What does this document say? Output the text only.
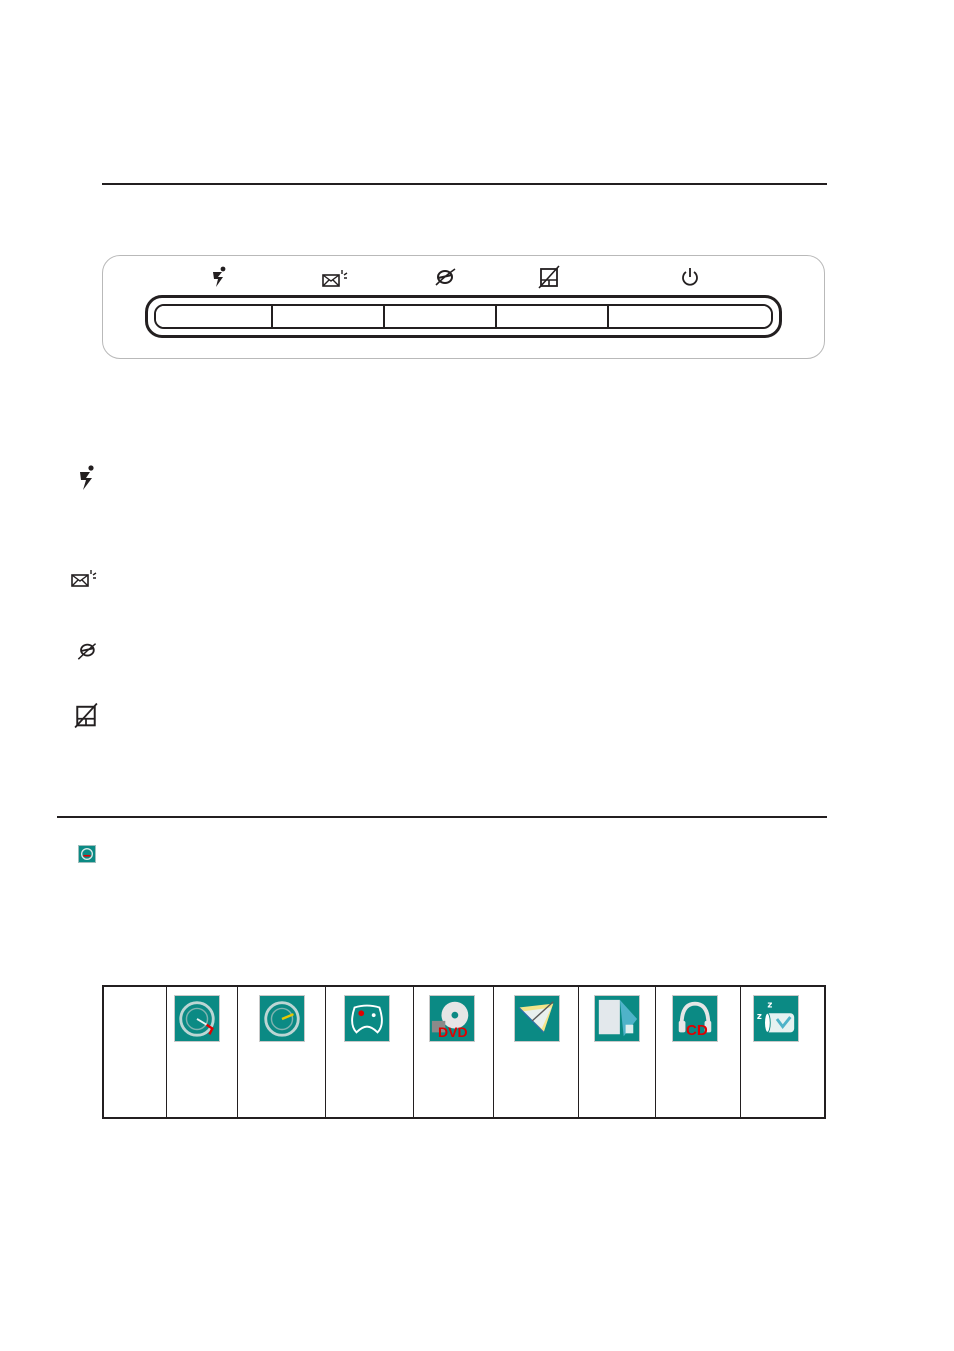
DVD	CD
z
z
